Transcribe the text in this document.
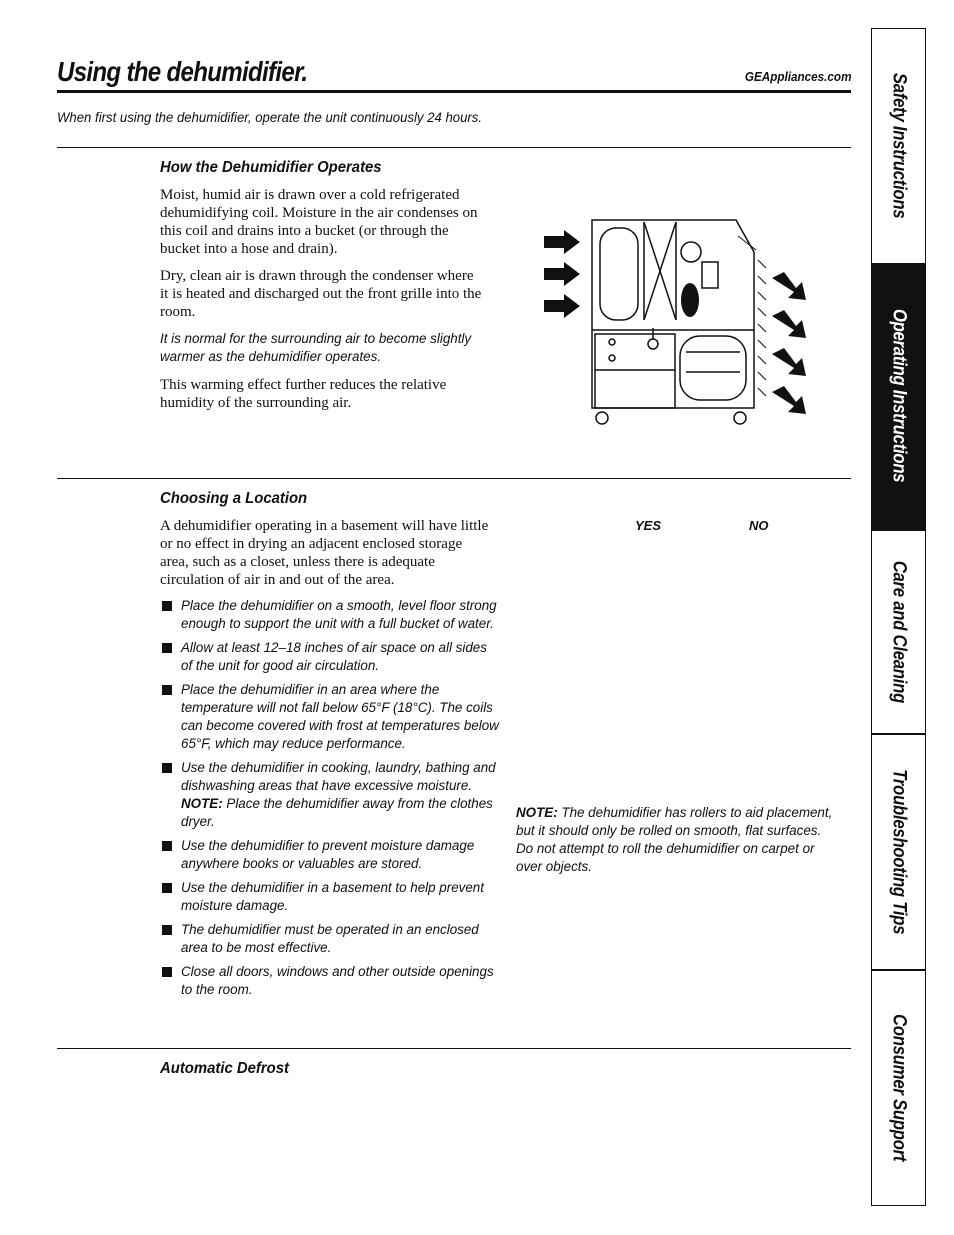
Using the dehumidifier.	GEAppliances.com
When first using the dehumidifier, operate the unit continuously 24 hours.
How the Dehumidifier Operates
Moist, humid air is drawn over a cold refrigerated dehumidifying coil. Moisture in the air condenses on this coil and drains into a bucket (or through the bucket into a hose and drain).
Dry, clean air is drawn through the condenser where it is heated and discharged out the front grille into the room.
It is normal for the surrounding air to become slightly warmer as the dehumidifier operates.
This warming effect further reduces the relative humidity of the surrounding air.
Choosing a Location
A dehumidifier operating in a basement will have little or no effect in drying an adjacent enclosed storage area, such as a closet, unless there is adequate circulation of air in and out of the area.
Place the dehumidifier on a smooth, level floor strong enough to support the unit with a full bucket of water.
Allow at least 12–18 inches of air space on all sides of the unit for good air circulation.
Place the dehumidifier in an area where the temperature will not fall below 65°F (18°C). The coils can become covered with frost at temperatures below 65°F, which may reduce performance.
Use the dehumidifier in cooking, laundry, bathing and dishwashing areas that have excessive moisture. NOTE: Place the dehumidifier away from the clothes dryer.
Use the dehumidifier to prevent moisture damage anywhere books or valuables are stored.
Use the dehumidifier in a basement to help prevent moisture damage.
The dehumidifier must be operated in an enclosed area to be most effective.
Close all doors, windows and other outside openings to the room.
YES	NO
NOTE: The dehumidifier has rollers to aid placement, but it should only be rolled on smooth, flat surfaces. Do not attempt to roll the dehumidifier on carpet or over objects.
Automatic Defrost
Safety Instructions
Operating Instructions
Care and Cleaning
Troubleshooting Tips
Consumer Support
